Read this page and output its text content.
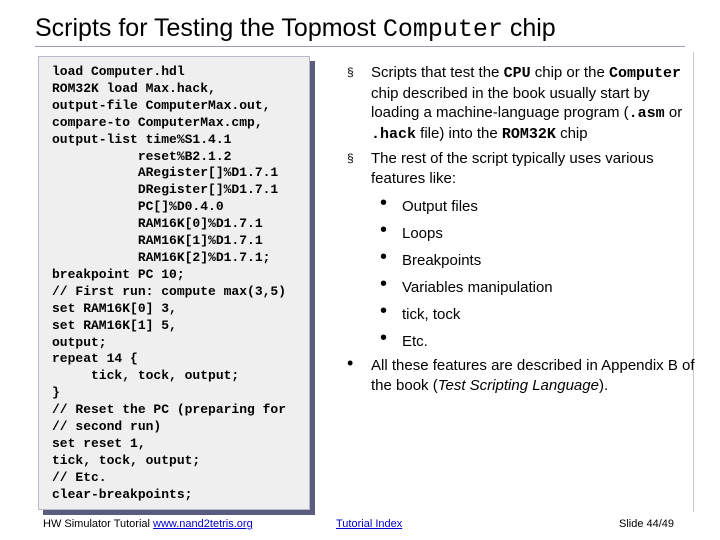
Scripts for Testing the Topmost Computer chip
load Computer.hdl
ROM32K load Max.hack,
output-file ComputerMax.out,
compare-to ComputerMax.cmp,
output-list time%S1.4.1
reset%B2.1.2
ARegister[]%D1.7.1
DRegister[]%D1.7.1
PC[]%D0.4.0
RAM16K[0]%D1.7.1
RAM16K[1]%D1.7.1
RAM16K[2]%D1.7.1;
breakpoint PC 10;
// First run: compute max(3,5)
set RAM16K[0] 3,
set RAM16K[1] 5,
output;
repeat 14 {
tick, tock, output;
}
// Reset the PC (preparing for
// second run)
set reset 1,
tick, tock, output;
// Etc.
clear-breakpoints;
§ Scripts that test the CPU chip or the Computer chip described in the book usually start by loading a machine-language program (.asm or .hack file) into the ROM32K chip
§ The rest of the script typically uses various features like:
• Output files
• Loops
• Breakpoints
• Variables manipulation
• tick, tock
• Etc.
• All these features are described in Appendix B of the book (Test Scripting Language).
HW Simulator Tutorial www.nand2tetris.org	Tutorial Index	Slide 44/49
